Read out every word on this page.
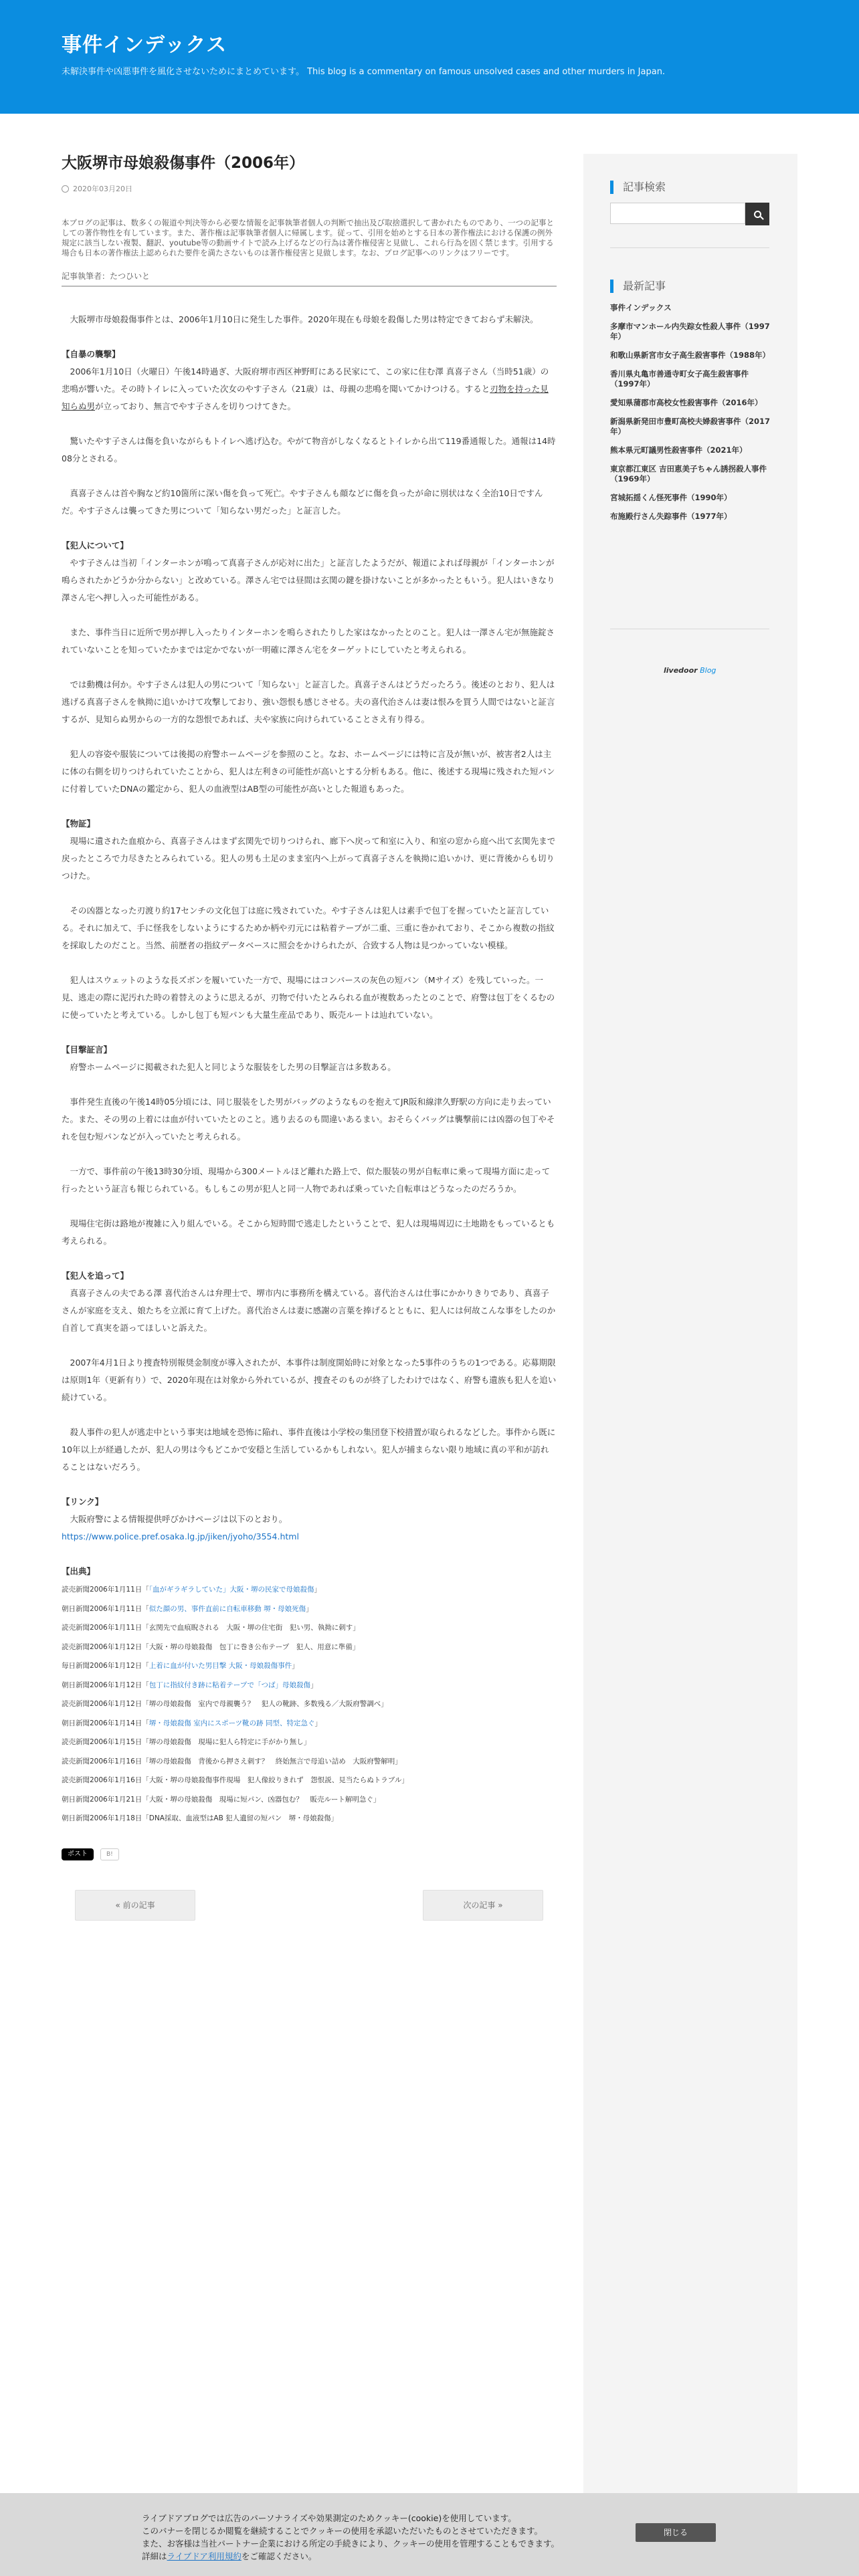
事件インデックス
未解決事件や凶悪事件を風化させないためにまとめています。 This blog is a commentary on famous unsolved cases and other murders in Japan.
大阪堺市母娘殺傷事件（2006年）
2020年03月20日
本ブログの記事は、数多くの報道や判決等から必要な情報を記事執筆者個人の判断で抽出及び取捨選択して書かれたものであり、一つの記事としての著作物性を有しています。また、著作権は記事執筆者個人に帰属します。従って、引用を始めとする日本の著作権法における保護の例外規定に該当しない複製、翻訳、youtube等の動画サイトで読み上げるなどの行為は著作権侵害と見做し、これら行為を固く禁じます。引用する場合も日本の著作権法上認められた要件を満たさないものは著作権侵害と見做します。なお、ブログ記事へのリンクはフリーです。
記事執筆者：たつひいと

大阪堺市母娘殺傷事件とは、2006年1月10日に発生した事件。2020年現在も母娘を殺傷した男は特定できておらず未解決。

【自暴の襲撃】

2006年1月10日（火曜日）午後14時過ぎ、大阪府堺市西区神野町にある民家にて、この家に住む澤 真喜子さん（当時51歳）の悲鳴が響いた。その時トイレに入っていた次女のやす子さん（21歳）は、母親の悲鳴を聞いてかけつける。すると刃物を持った見知らぬ男が立っており、無言でやす子さんを切りつけてきた。

驚いたやす子さんは傷を負いながらもトイレへ逃げ込む。やがて物音がしなくなるとトイレから出て119番通報した。通報は14時08分とされる。

真喜子さんは首や胸など約10箇所に深い傷を負って死亡。やす子さんも顔などに傷を負ったが命に別状はなく全治10日ですんだ。やす子さんは襲ってきた男について「知らない男だった」と証言した。

【犯人について】

やす子さんは当初「インターホンが鳴って真喜子さんが応対に出た」と証言したようだが、報道によれば母親が「インターホンが鳴らされたかどうか分からない」と改めている。澤さん宅では昼間は玄関の鍵を掛けないことが多かったともいう。犯人はいきなり澤さん宅へ押し入った可能性がある。

また、事件当日に近所で男が押し入ったりインターホンを鳴らされたりした家はなかったとのこと。犯人は一澤さん宅が無施錠されていないことを知っていたかまでは定かでないが一明確に澤さん宅をターゲットにしていたと考えられる。

では動機は何か。やす子さんは犯人の男について「知らない」と証言した。真喜子さんはどうだったろう。後述のとおり、犯人は逃げる真喜子さんを執拗に追いかけて攻撃しており、強い怨恨も感じさせる。夫の喜代治さんは妻は恨みを買う人間ではないと証言するが、見知らぬ男からの一方的な怨恨であれば、夫や家族に向けられていることさえ有り得る。

犯人の容姿や服装については後掲の府警ホームページを参照のこと。なお、ホームページには特に言及が無いが、被害者2人は主に体の右側を切りつけられていたことから、犯人は左利きの可能性が高いとする分析もある。他に、後述する現場に残された短パンに付着していたDNAの鑑定から、犯人の血液型はAB型の可能性が高いとした報道もあった。

【物証】

現場に遺された血痕から、真喜子さんはまず玄関先で切りつけられ、廊下へ戻って和室に入り、和室の窓から庭へ出て玄関先まで戻ったところで力尽きたとみられている。犯人の男も土足のまま室内へ上がって真喜子さんを執拗に追いかけ、更に背後からも切りつけた。

その凶器となった刃渡り約17センチの文化包丁は庭に残されていた。やす子さんは犯人は素手で包丁を握っていたと証言している。それに加えて、手に怪我をしないようにするためか柄や刃元には粘着テープが二重、三重に巻かれており、そこから複数の指紋を採取したのだこと。当然、前歴者の指紋データベースに照会をかけられたが、合致する人物は見つかっていない模様。

犯人はスウェットのような長ズボンを履いていた一方で、現場にはコンバースの灰色の短パン（Mサイズ）を残していった。一見、逃走の際に泥汚れた時の着替えのように思えるが、刃物で付いたとみられる血が複数あったとのことで、府警は包丁をくるむのに使っていたと考えている。しかし包丁も短パンも大量生産品であり、販売ルートは辿れていない。

【目撃証言】

府警ホームページに掲載された犯人と同じような服装をした男の目撃証言は多数ある。

事件発生直後の午後14時05分頃には、同じ服装をした男がバッグのようなものを抱えてJR阪和線津久野駅の方向に走り去っていた。また、その男の上着には血が付いていたとのこと。逃り去るのも間違いあるまい。おそらくバッグは襲撃前には凶器の包丁やそれを包む短パンなどが入っていたと考えられる。

一方で、事件前の午後13時30分頃、現場から300メートルほど離れた路上で、似た服装の男が自転車に乗って現場方面に走って行ったという証言も報じられている。もしもこの男が犯人と同一人物であれば乗っていた自転車はどうなったのだろうか。

現場住宅街は路地が複雑に入り組んでいる。そこから短時間で逃走したということで、犯人は現場周辺に土地勘をもっているとも考えられる。

【犯人を追って】

真喜子さんの夫である澤 喜代治さんは弁理士で、堺市内に事務所を構えている。喜代治さんは仕事にかかりきりであり、真喜子さんが家庭を支え、娘たちを立派に育て上げた。喜代治さんは妻に感謝の言葉を捧げるとともに、犯人には何故こんな事をしたのか自首して真実を語ってほしいと訴えた。

2007年4月1日より捜査特別報奨金制度が導入されたが、本事件は制度開始時に対象となった5事件のうちの1つである。応募期限は原則1年（更新有り）で、2020年現在は対象から外れているが、捜査そのものが終了したわけではなく、府警も遺族も犯人を追い続けている。

殺人事件の犯人が逃走中という事実は地域を恐怖に陥れ、事件直後は小学校の集団登下校措置が取られるなどした。事件から既に10年以上が経過したが、犯人の男は今もどこかで安穏と生活しているかもしれない。犯人が捕まらない限り地域に真の平和が訪れることはないだろう。

【リンク】

大阪府警による情報提供呼びかけページは以下のとおり。

https://www.police.pref.osaka.lg.jp/jiken/jyoho/3554.html

【出典】
読売新聞2006年1月11日「「血がギラギラしていた」大阪・堺の民家で母娘殺傷」
朝日新聞2006年1月11日「似た顔の男、事件直前に自転車移動 堺・母娘死傷」
読売新聞2006年1月11日「玄関先で血痕睨される　大阪・堺の住宅街　犯い男、執拗に刺す」
読売新聞2006年1月12日「大阪・堺の母娘殺傷　包丁に巻き公布テープ　犯人、用意に準備」
毎日新聞2006年1月12日「上着に血が付いた男目撃 大阪・母娘殺傷事件」
朝日新聞2006年1月12日「包丁に指紋付き跡に粘着テープで「つば」母娘殺傷」
読売新聞2006年1月12日「堺の母娘殺傷　室内で母親襲う？　犯人の靴跡、多数残る／大阪府警調べ」
朝日新聞2006年1月14日「堺・母娘殺傷 室内にスポーツ靴の跡 同型、特定急ぐ」
読売新聞2006年1月15日「堺の母娘殺傷　現場に犯人ら特定に手がかり無し」
読売新聞2006年1月16日「堺の母娘殺傷　背後から押さえ刺す？　終始無言で母追い詰め　大阪府警解明」
読売新聞2006年1月16日「大阪・堺の母娘殺傷事件現場　犯人像絞りきれず　怨恨説、見当たらぬトラブル」
朝日新聞2006年1月21日「大阪・堺の母娘殺傷　現場に短パン、凶器包む？　販売ルート解明急ぐ」
朝日新聞2006年1月18日「DNA採取、血液型はAB 犯人遺留の短パン　堺・母娘殺傷」
ポスト	B!
« 前の記事	次の記事 »
記事検索
最新記事
事件インデックス
多摩市マンホール内失踪女性殺人事件（1997年）
和歌山県新宮市女子高生殺害事件（1988年）
香川県丸亀市善通寺町女子高生殺害事件（1997年）
愛知県蒲郡市高校女性殺害事件（2016年）
新潟県新発田市豊町高校夫婦殺害事件（2017年）
熊本県元町議男性殺害事件（2021年）
東京都江東区 吉田恵美子ちゃん誘拐殺人事件（1969年）
宮城拓揺くん怪死事件（1990年）
布施殿行さん失踪事件（1977年）
livedoor Blog
ライブドアブログでは広告のパーソナライズや効果測定のためクッキー(cookie)を使用しています。
このバナーを閉じるか閲覧を継続することでクッキーの使用を承認いただいたものとさせていただきます。
また、お客様は当社パートナー企業における所定の手続きにより、クッキーの使用を管理することもできます。
詳細はライブドア利用規約をご確認ください。
閉じる
